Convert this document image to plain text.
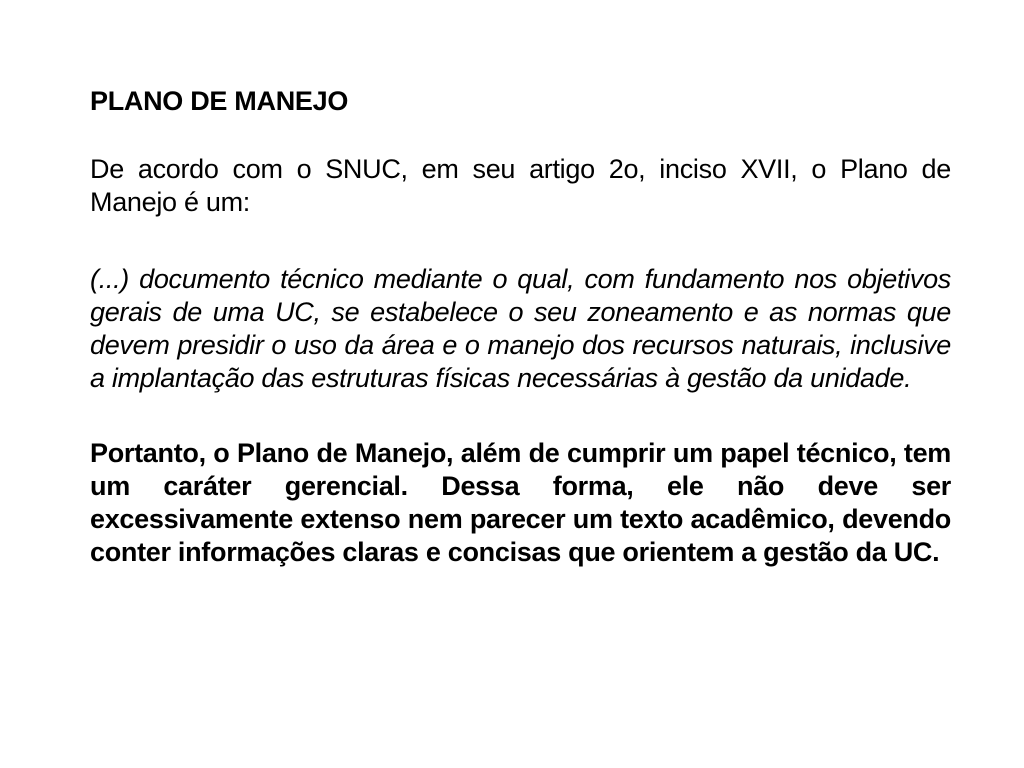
PLANO DE MANEJO

De acordo com o SNUC, em seu artigo 2o, inciso XVII, o Plano de Manejo é um:

(...) documento técnico mediante o qual, com fundamento nos objetivos gerais de uma UC, se estabelece o seu zoneamento e as normas que devem presidir o uso da área e o manejo dos recursos naturais, inclusive a implantação das estruturas físicas necessárias à gestão da unidade.

Portanto, o Plano de Manejo, além de cumprir um papel técnico, tem um caráter gerencial. Dessa forma, ele não deve ser excessivamente extenso nem parecer um texto acadêmico, devendo conter informações claras e concisas que orientem a gestão da UC.
